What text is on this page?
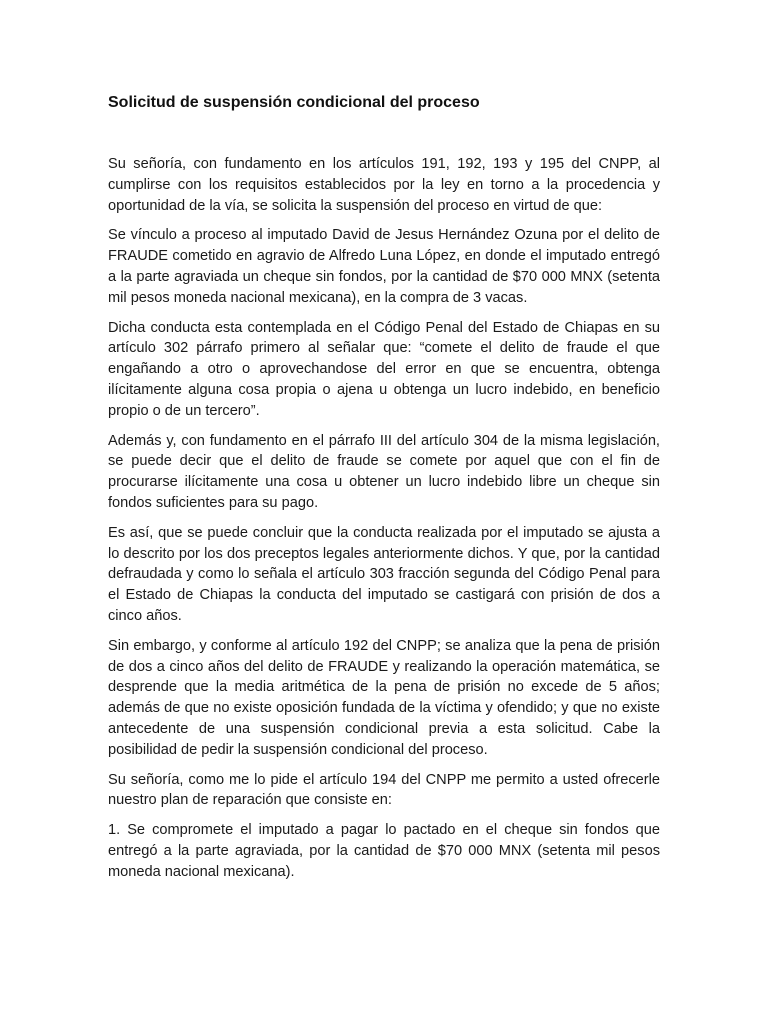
Solicitud de suspensión condicional del proceso

Su señoría, con fundamento en los artículos 191, 192, 193 y 195 del CNPP, al cumplirse con los requisitos establecidos por la ley en torno a la procedencia y oportunidad de la vía, se solicita la suspensión del proceso en virtud de que:

Se vínculo a proceso al imputado David de Jesus Hernández Ozuna por el delito de FRAUDE cometido en agravio de Alfredo Luna López, en donde el imputado entregó a la parte agraviada un cheque sin fondos, por la cantidad de $70 000 MNX (setenta mil pesos moneda nacional mexicana), en la compra de 3 vacas.

Dicha conducta esta contemplada en el Código Penal del Estado de Chiapas en su artículo 302 párrafo primero al señalar que: “comete el delito de fraude el que engañando a otro o aprovechandose del error en que se encuentra, obtenga ilícitamente alguna cosa propia o ajena u obtenga un lucro indebido, en beneficio propio o de un tercero”.

Además y, con fundamento en el párrafo III del artículo 304 de la misma legislación, se puede decir que el delito de fraude se comete por aquel que con el fin de procurarse ilícitamente una cosa u obtener un lucro indebido libre un cheque sin fondos suficientes para su pago.

Es así, que se puede concluir que la conducta realizada por el imputado se ajusta a lo descrito por los dos preceptos legales anteriormente dichos. Y que, por la cantidad defraudada y como lo señala el artículo 303 fracción segunda del Código Penal para el Estado de Chiapas la conducta del imputado se castigará con prisión de dos a cinco años.

Sin embargo, y conforme al artículo 192 del CNPP; se analiza que la pena de prisión de dos a cinco años del delito de FRAUDE y realizando la operación matemática, se desprende que la media aritmética de la pena de prisión no excede de 5 años; además de que no existe oposición fundada de la víctima y ofendido; y que no existe antecedente de una suspensión condicional previa a esta solicitud. Cabe la posibilidad de pedir la suspensión condicional del proceso.

Su señoría, como me lo pide el artículo 194 del CNPP me permito a usted ofrecerle nuestro plan de reparación que consiste en:

1. Se compromete el imputado a pagar lo pactado en el cheque sin fondos que entregó a la parte agraviada, por la cantidad de $70 000 MNX (setenta mil pesos moneda nacional mexicana).
